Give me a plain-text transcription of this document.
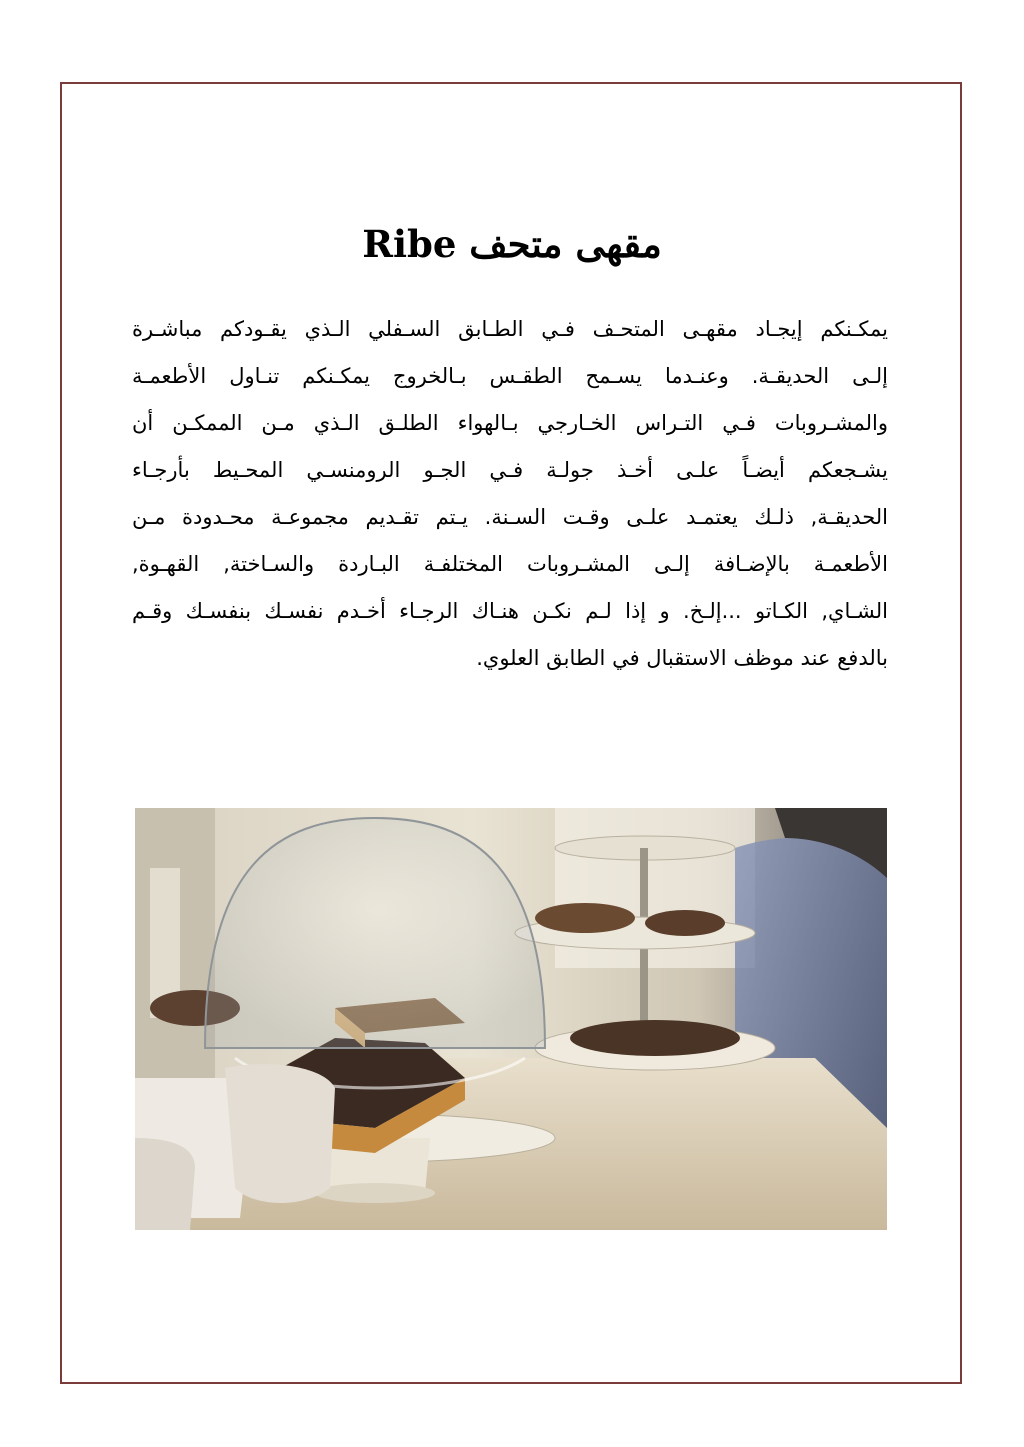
مقهى متحف Ribe
يمكـنكم إيجـاد مقهـى المتحـف فـي الطـابق السـفلي الـذي يقـودكم مباشـرة
إلـى الحديقـة. وعنـدما يسـمح الطقـس بـالخروج يمكـنكم تنـاول الأطعمـة
والمشـروبات فـي التـراس الخـارجي بـالهواء الطلـق الـذي مـن الممكـن أن
يشـجعكم أيضـاً علـى أخـذ جولـة فـي الجـو الرومنسـي المحـيط بأرجـاء
الحديقـة, ذلـك يعتمـد علـى وقـت السـنة. يـتم تقـديم مجموعـة محـدودة مـن
الأطعمـة بالإضـافة إلـى المشـروبات المختلفـة البـاردة والسـاختة, القهـوة,
الشـاي, الكـاتو ...إلـخ. و إذا لـم نكـن هنـاك الرجـاء أخـدم نفسـك بنفسـك وقـم
بالدفع عند موظف الاستقبال في الطابق العلوي.
